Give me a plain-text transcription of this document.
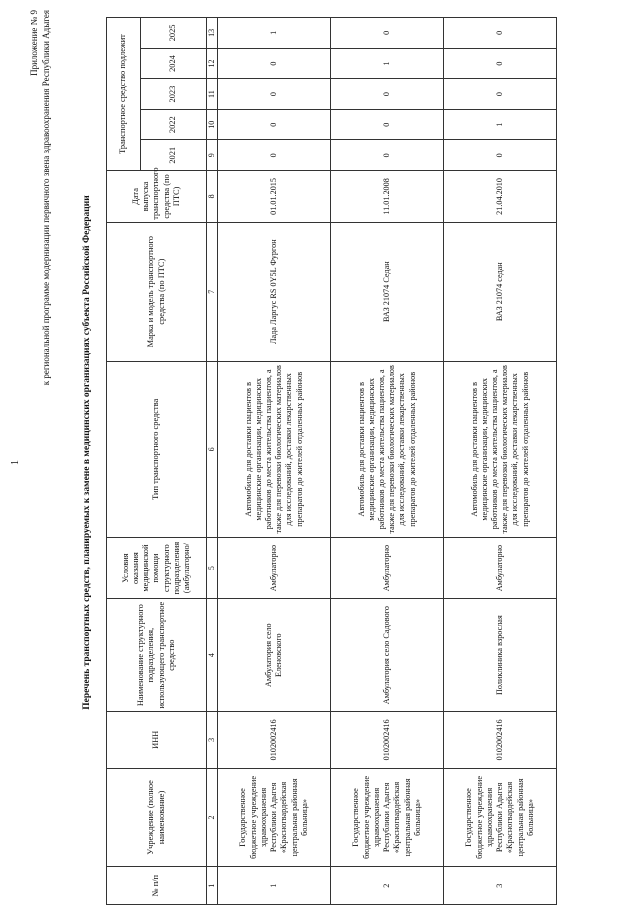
1
Приложение № 9 к региональной программе модернизации первичного звена здравоохранения Республики Адыгея	Перечень транспортных средств, планируемых к замене в медицинских организациях субъекта Российской Федерации
№ п/п	Учреждение (полное наименование)	ИНН	Наименование структурного подразделения, использующего транспортное средство	Условия оказания медицинской помощи структурного подразделения (амбулаторно/	Тип транспортного средства	Марка и модель транспортного средства (по ПТС)	Дата выпуска транспортного средства (по ПТС)	Транспортное средство подлежит				
								2021	2022	2023	2024	2025
1	2	3	4	5	6	7	8	9	10	11	12	13
1	Государственное бюджетное учреждение здравоохранения Республики Адыгея «Красногвардейская центральная районная больница»	0102002416	Амбулатория село Еленовского	Амбулаторно	Автомобиль для доставки пациентов в медицинские организации, медицинских работников до места жительства пациентов, а также для перевозки биологических материалов для исследований, доставки лекарственных препаратов до жителей отдаленных районов	Лада Ларгус RS 0Y5L Фургон	01.01.2015	0	0	0	0	1
2	Государственное бюджетное учреждение здравоохранения Республики Адыгея «Красногвардейская центральная районная больница»	0102002416	Амбулатория село Садового	Амбулаторно	Автомобиль для доставки пациентов в медицинские организации, медицинских работников до места жительства пациентов, а также для перевозки биологических материалов для исследований, доставки лекарственных препаратов до жителей отдаленных районов	ВАЗ 21074 Седан	11.01.2008	0	0	0	1	0
3	Государственное бюджетное учреждение здравоохранения Республики Адыгея «Красногвардейская центральная районная больница»	0102002416	Поликлиника взрослая	Амбулаторно	Автомобиль для доставки пациентов в медицинские организации, медицинских работников до места жительства пациентов, а также для перевозки биологических материалов для исследований, доставки лекарственных препаратов до жителей отдаленных районов	ВАЗ 21074 седан	21.04.2010	0	1	0	0	0
